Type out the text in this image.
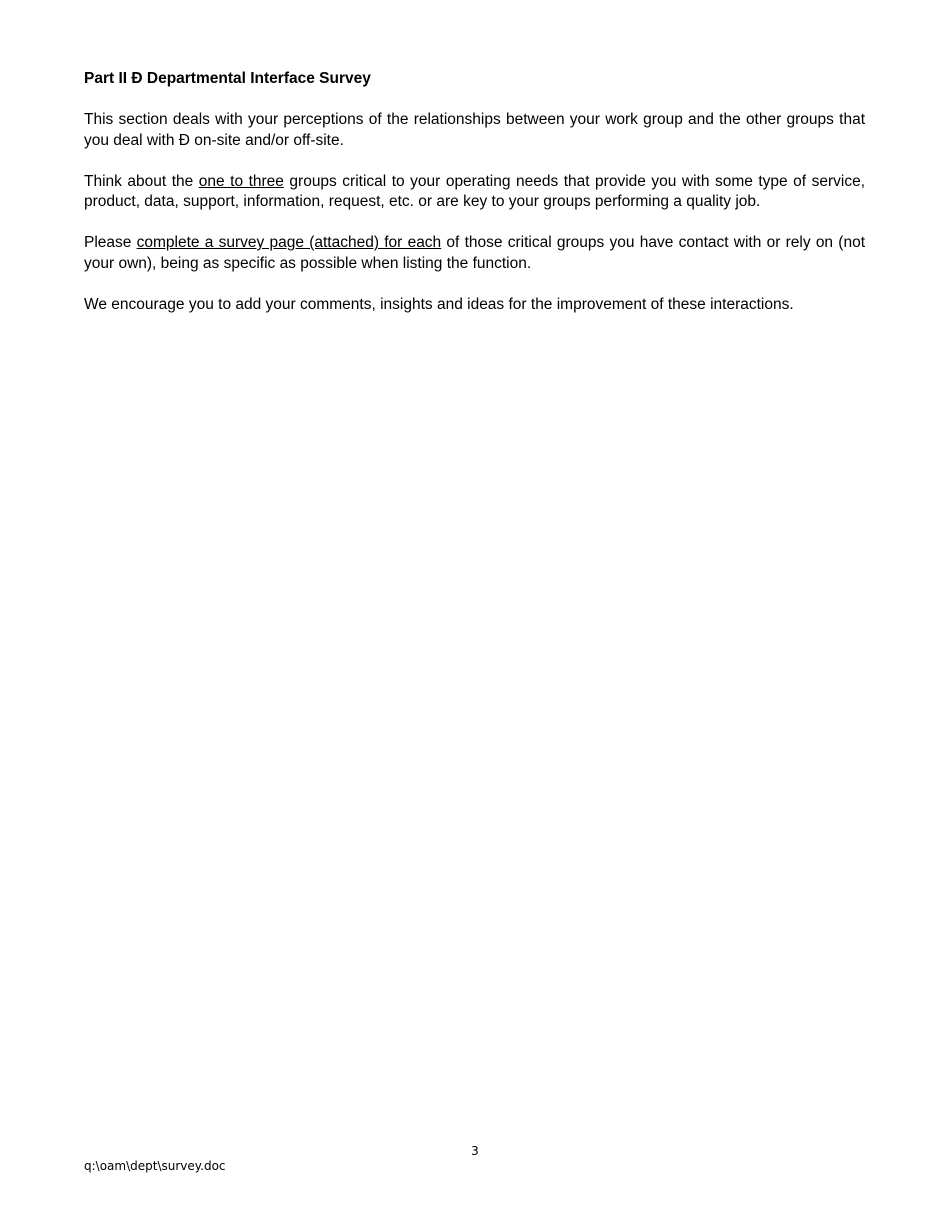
Part II Ð Departmental Interface Survey

This section deals with your perceptions of the relationships between your work group and the other groups that you deal with Ð on-site and/or off-site.

Think about the one to three groups critical to your operating needs that provide you with some type of service, product, data, support, information, request, etc. or are key to your groups performing a quality job.

Please complete a survey page (attached) for each of those critical groups you have contact with or rely on (not your own), being as specific as possible when listing the function.

We encourage you to add your comments, insights and ideas for the improvement of these interactions.

3
q:\oam\dept\survey.doc
